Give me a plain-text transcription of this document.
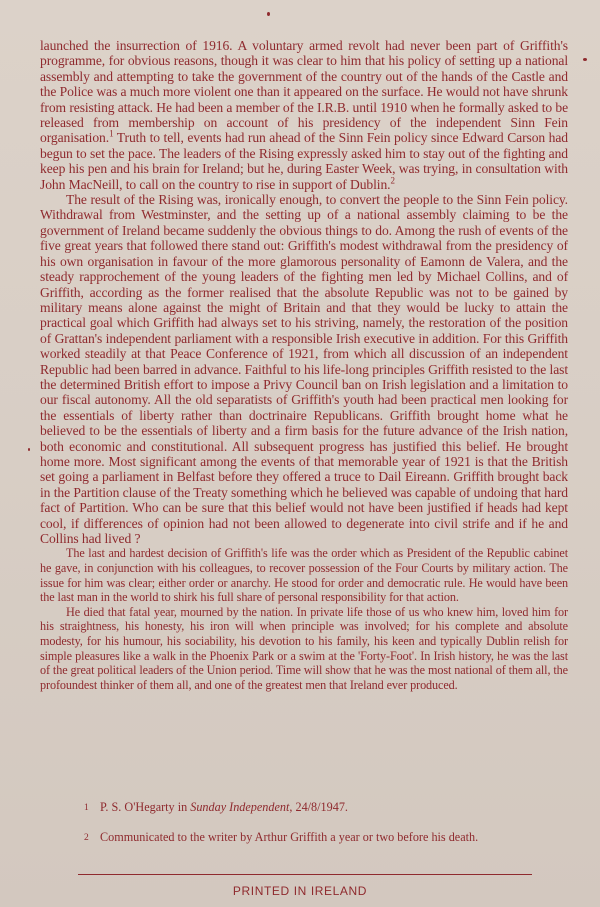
launched the insurrection of 1916. A voluntary armed revolt had never been part of Griffith's programme, for obvious reasons, though it was clear to him that his policy of setting up a national assembly and attempting to take the government of the country out of the hands of the Castle and the Police was a much more violent one than it appeared on the surface. He would not have shrunk from resisting attack. He had been a member of the I.R.B. until 1910 when he formally asked to be released from membership on account of his presidency of the independent Sinn Fein organisation.$^1$ Truth to tell, events had run ahead of the Sinn Fein policy since Edward Carson had begun to set the pace. The leaders of the Rising expressly asked him to stay out of the fighting and keep his pen and his brain for Ireland; but he, during Easter Week, was trying, in consultation with John MacNeill, to call on the country to rise in support of Dublin.$^2$

The result of the Rising was, ironically enough, to convert the people to the Sinn Fein policy. Withdrawal from Westminster, and the setting up of a national assembly claiming to be the government of Ireland became suddenly the obvious things to do. Among the rush of events of the five great years that followed there stand out: Griffith's modest withdrawal from the presidency of his own organisation in favour of the more glamorous personality of Eamonn de Valera, and the steady rapprochement of the young leaders of the fighting men led by Michael Collins, and of Griffith, according as the former realised that the absolute Republic was not to be gained by military means alone against the might of Britain and that they would be lucky to attain the practical goal which Griffith had always set to his striving, namely, the restoration of the position of Grattan's independent parliament with a responsible Irish executive in addition. For this Griffith worked steadily at that Peace Conference of 1921, from which all discussion of an independent Republic had been barred in advance. Faithful to his life-long principles Griffith resisted to the last the determined British effort to impose a Privy Council ban on Irish legislation and a limitation to our fiscal autonomy. All the old separatists of Griffith's youth had been practical men looking for the essentials of liberty rather than doctrinaire Republicans. Griffith brought home what he believed to be the essentials of liberty and a firm basis for the future advance of the Irish nation, both economic and constitutional. All subsequent progress has justified this belief. He brought home more. Most significant among the events of that memorable year of 1921 is that the British set going a parliament in Belfast before they offered a truce to Dail Eireann. Griffith brought back in the Partition clause of the Treaty something which he believed was capable of undoing that hard fact of Partition. Who can be sure that this belief would not have been justified if heads had kept cool, if differences of opinion had not been allowed to degenerate into civil strife and if he and Collins had lived ?

The last and hardest decision of Griffith's life was the order which as President of the Republic cabinet he gave, in conjunction with his colleagues, to recover possession of the Four Courts by military action. The issue for him was clear; either order or anarchy. He stood for order and democratic rule. He would have been the last man in the world to shirk his full share of personal responsibility for that action.

He died that fatal year, mourned by the nation. In private life those of us who knew him, loved him for his straightness, his honesty, his iron will when principle was involved; for his complete and absolute modesty, for his humour, his sociability, his devotion to his family, his keen and typically Dublin relish for simple pleasures like a walk in the Phoenix Park or a swim at the 'Forty-Foot'. In Irish history, he was the last of the great political leaders of the Union period. Time will show that he was the most national of them all, the profoundest thinker of them all, and one of the greatest men that Ireland ever produced.

1 P. S. O'Hegarty in Sunday Independent, 24/8/1947.
2 Communicated to the writer by Arthur Griffith a year or two before his death.
PRINTED IN IRELAND
